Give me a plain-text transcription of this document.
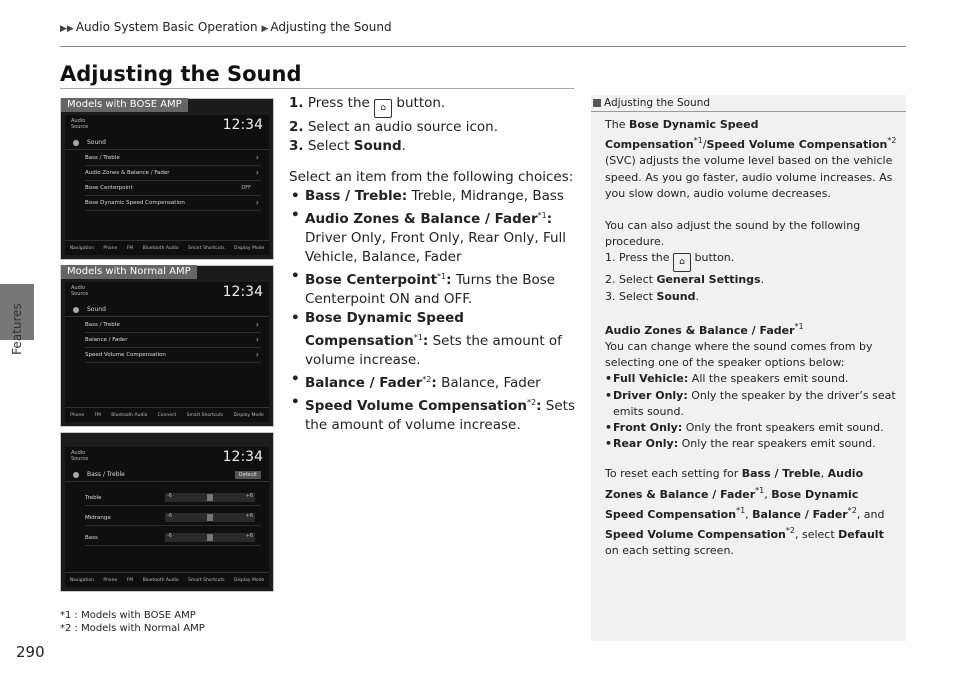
▶▶ Audio System Basic Operation ▶ Adjusting the Sound
Features
290
Adjusting the Sound
Audio Source	12:34
Sound
Bass / Treble	›
Audio Zones & Balance / Fader	›
Bose Centerpoint	OFF
Bose Dynamic Speed Compensation	›
Navigation Phone FM Bluetooth Audio Smart Shortcuts Display Mode
Models with BOSE AMP
Audio Source	12:34
Sound
Bass / Treble	›
Balance / Fader	›
Speed Volume Compensation	›
Phone FM Bluetooth Audio Connect Smart Shortcuts Display Mode
Models with Normal AMP
Audio Source	12:34
Bass / Treble	Default
Treble	-6	+6
Midrange	-6	+6
Bass	-6	+6
Navigation Phone FM Bluetooth Audio Smart Shortcuts Display Mode
1. Press the ⌂ button.
2. Select an audio source icon.
3. Select Sound.
Select an item from the following choices:
• Bass / Treble: Treble, Midrange, Bass
• Audio Zones & Balance / Fader$^{*1}$: Driver Only, Front Only, Rear Only, Full Vehicle, Balance, Fader
• Bose Centerpoint$^{*1}$: Turns the Bose Centerpoint ON and OFF.
• Bose Dynamic Speed Compensation$^{*1}$: Sets the amount of volume increase.
• Balance / Fader$^{*2}$: Balance, Fader
• Speed Volume Compensation$^{*2}$: Sets the amount of volume increase.
*1 : Models with BOSE AMP
*2 : Models with Normal AMP
Adjusting the Sound

The Bose Dynamic Speed Compensation$^{*1}$/Speed Volume Compensation$^{*2}$ (SVC) adjusts the volume level based on the vehicle speed. As you go faster, audio volume increases. As you slow down, audio volume decreases.

You can also adjust the sound by the following procedure.
1. Press the ⌂ button.
2. Select General Settings.
3. Select Sound.
Audio Zones & Balance / Fader$^{*1}$
You can change where the sound comes from by selecting one of the speaker options below:
• Full Vehicle: All the speakers emit sound.
• Driver Only: Only the speaker by the driver’s seat emits sound.
• Front Only: Only the front speakers emit sound.
• Rear Only: Only the rear speakers emit sound.
To reset each setting for Bass / Treble, Audio Zones & Balance / Fader$^{*1}$, Bose Dynamic Speed Compensation$^{*1}$, Balance / Fader$^{*2}$, and Speed Volume Compensation$^{*2}$, select Default on each setting screen.
